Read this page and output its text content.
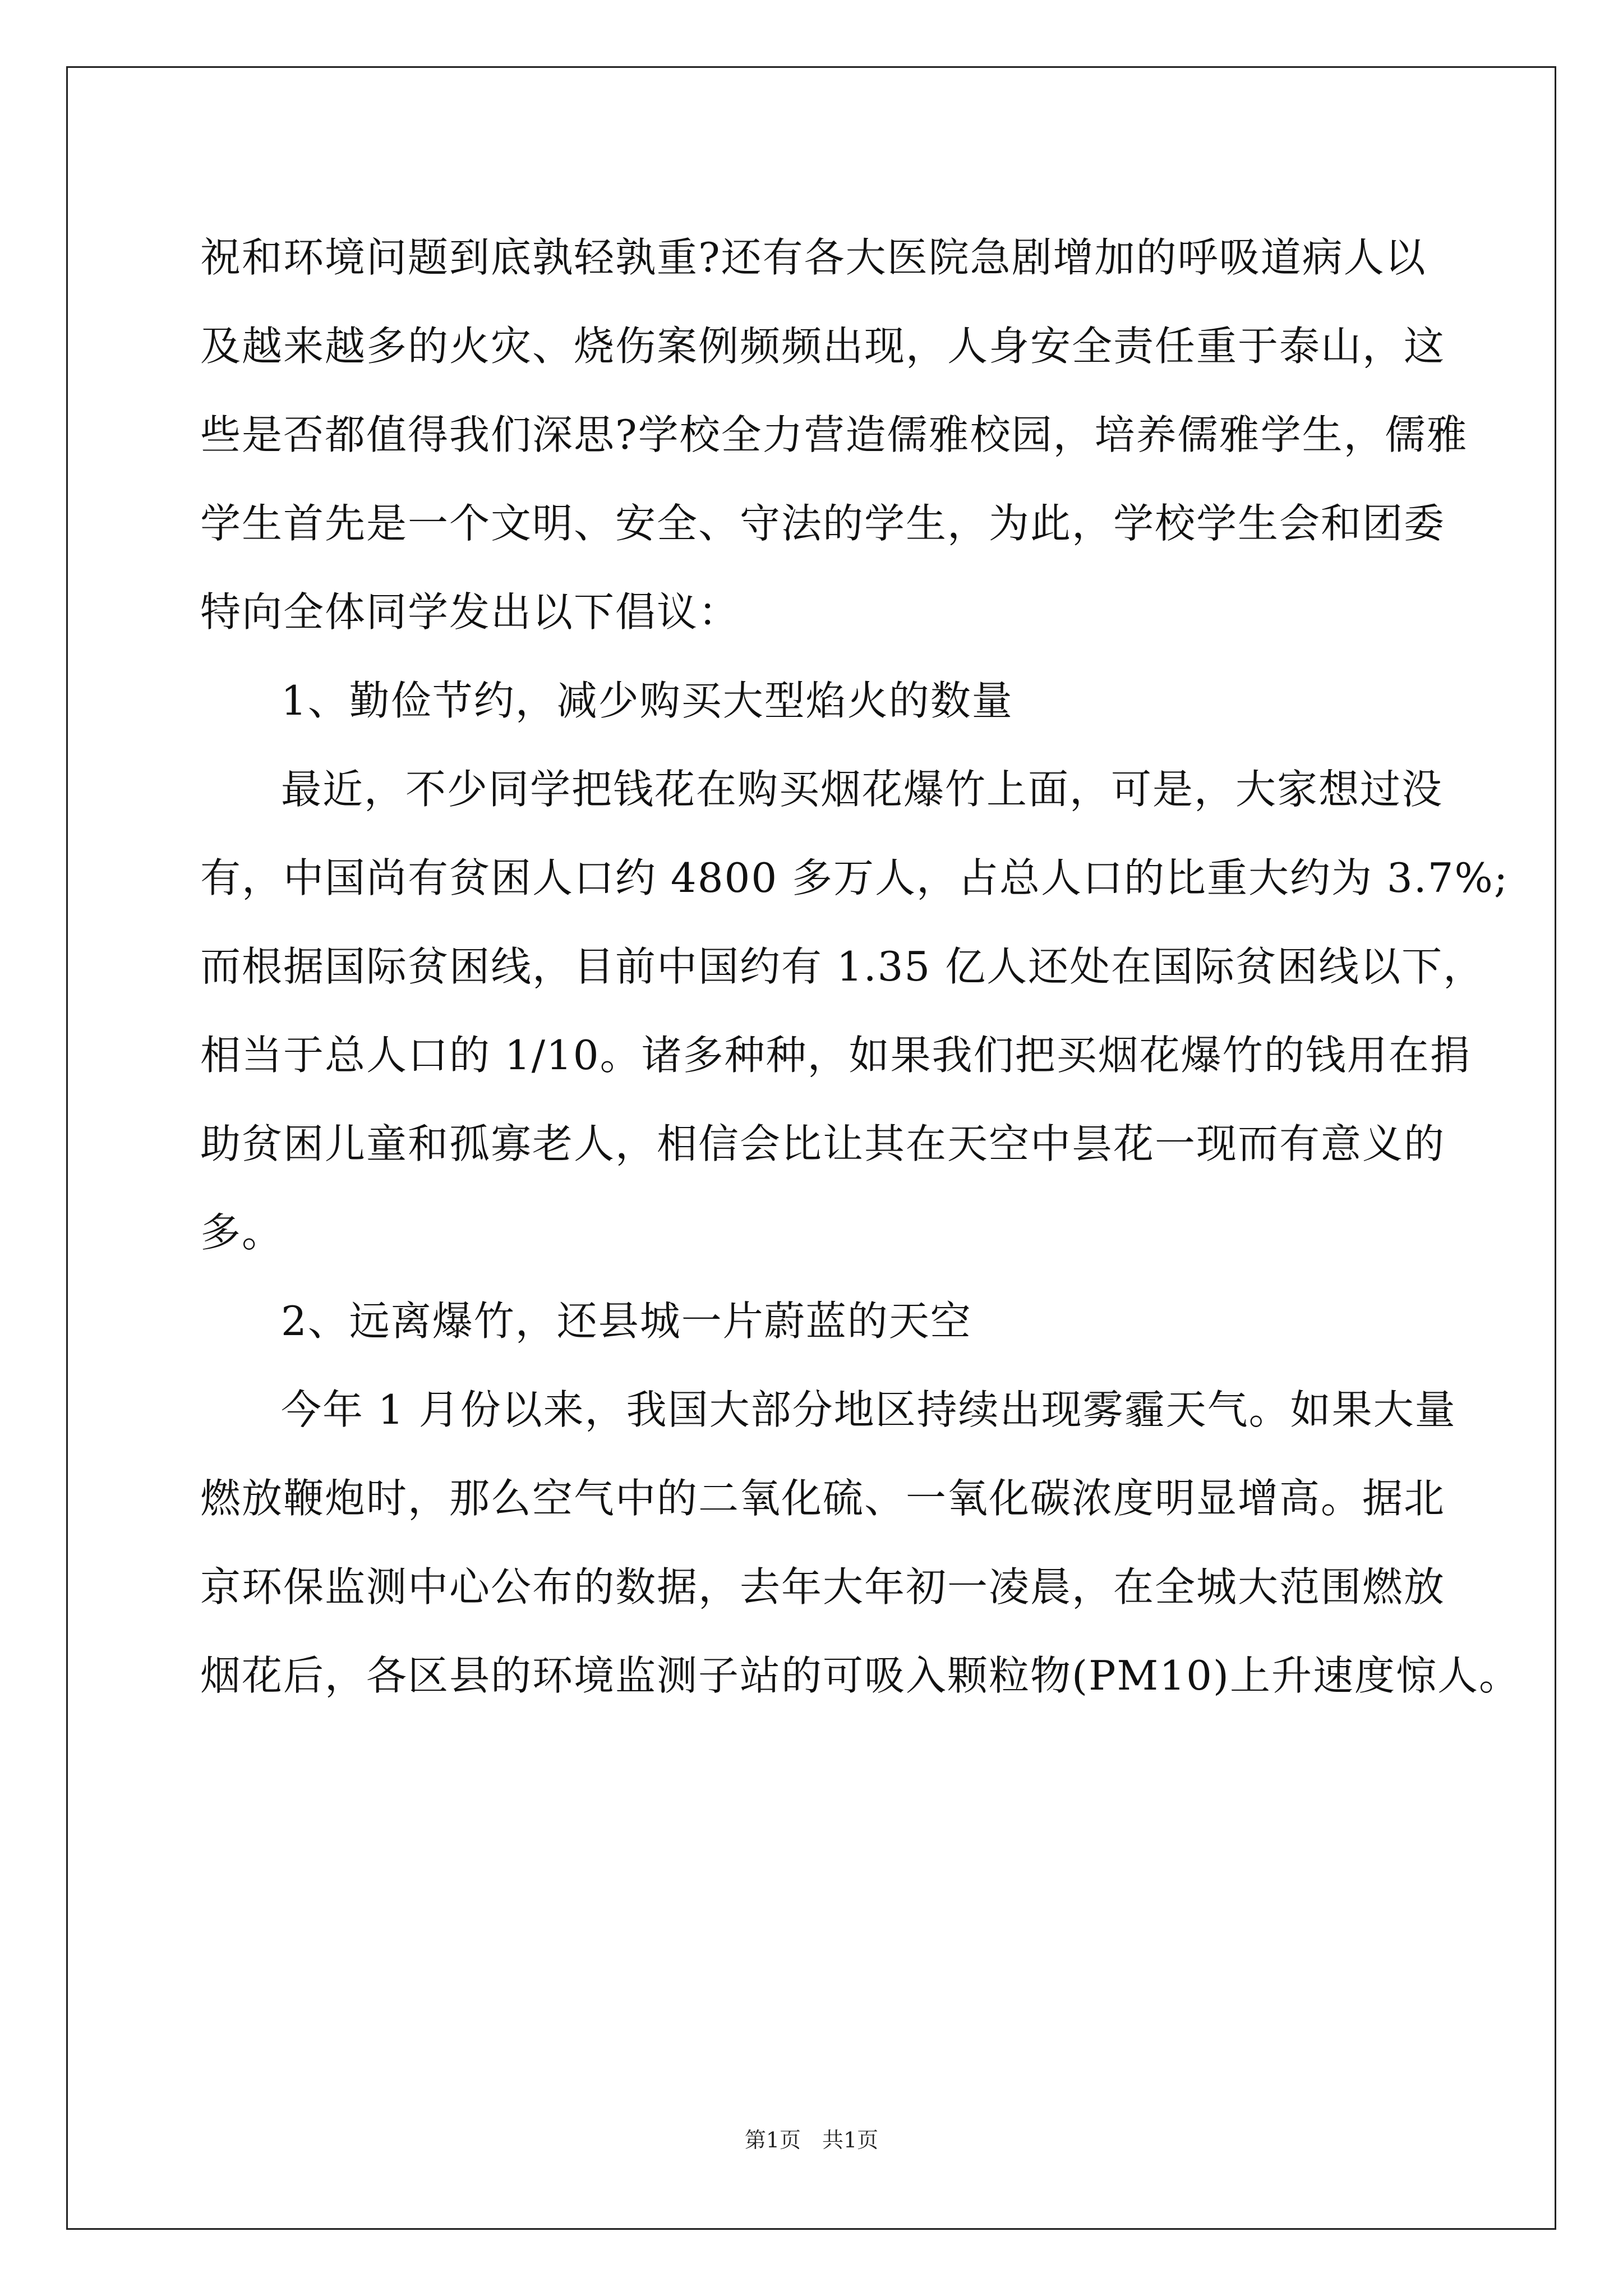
祝和环境问题到底孰轻孰重?还有各大医院急剧增加的呼吸道病人以
及越来越多的火灾、烧伤案例频频出现，人身安全责任重于泰山，这
些是否都值得我们深思?学校全力营造儒雅校园，培养儒雅学生，儒雅
学生首先是一个文明、安全、守法的学生，为此，学校学生会和团委
特向全体同学发出以下倡议：
1、勤俭节约，减少购买大型焰火的数量
最近，不少同学把钱花在购买烟花爆竹上面，可是，大家想过没
有，中国尚有贫困人口约 4800 多万人，占总人口的比重大约为 3.7%;
而根据国际贫困线，目前中国约有 1.35 亿人还处在国际贫困线以下，
相当于总人口的 1/10。诸多种种，如果我们把买烟花爆竹的钱用在捐
助贫困儿童和孤寡老人，相信会比让其在天空中昙花一现而有意义的
多。
2、远离爆竹，还县城一片蔚蓝的天空
今年 1 月份以来，我国大部分地区持续出现雾霾天气。如果大量
燃放鞭炮时，那么空气中的二氧化硫、一氧化碳浓度明显增高。据北
京环保监测中心公布的数据，去年大年初一凌晨，在全城大范围燃放
烟花后，各区县的环境监测子站的可吸入颗粒物(PM10)上升速度惊人。
第1页　共1页
